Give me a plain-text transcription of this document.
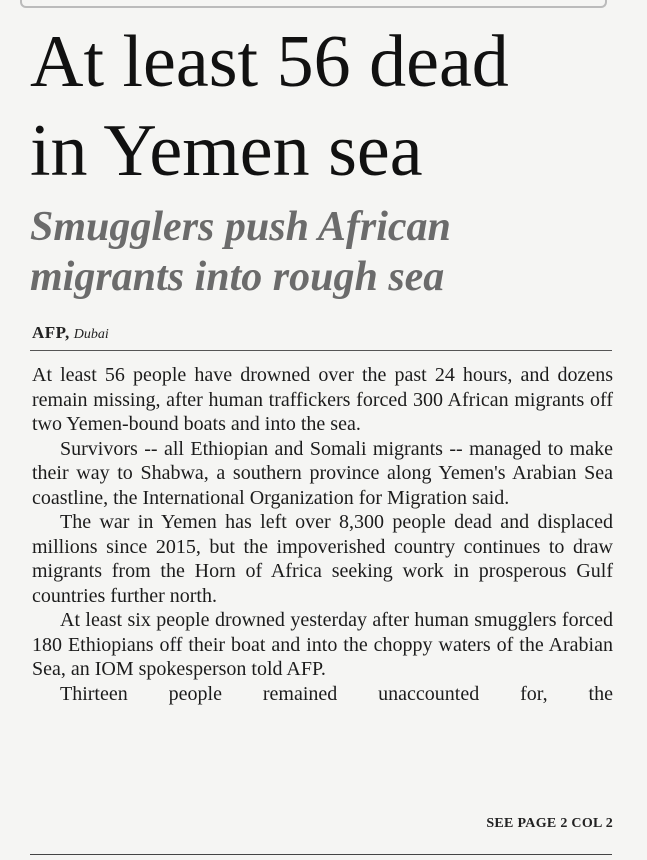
At least 56 dead
in Yemen sea
Smugglers push African
migrants into rough sea
AFP, Dubai

At least 56 people have drowned over the past 24 hours, and dozens remain missing, after human traffickers forced 300 African migrants off two Yemen-bound boats and into the sea.

Survivors -- all Ethiopian and Somali migrants -- managed to make their way to Shabwa, a southern province along Yemen's Arabian Sea coastline, the International Organization for Migration said.

The war in Yemen has left over 8,300 people dead and displaced millions since 2015, but the impoverished country continues to draw migrants from the Horn of Africa seeking work in prosperous Gulf countries further north.

At least six people drowned yesterday after human smugglers forced 180 Ethiopians off their boat and into the choppy waters of the Arabian Sea, an IOM spokesperson told AFP.

Thirteen people remained unaccounted for, the

SEE PAGE 2 COL 2
